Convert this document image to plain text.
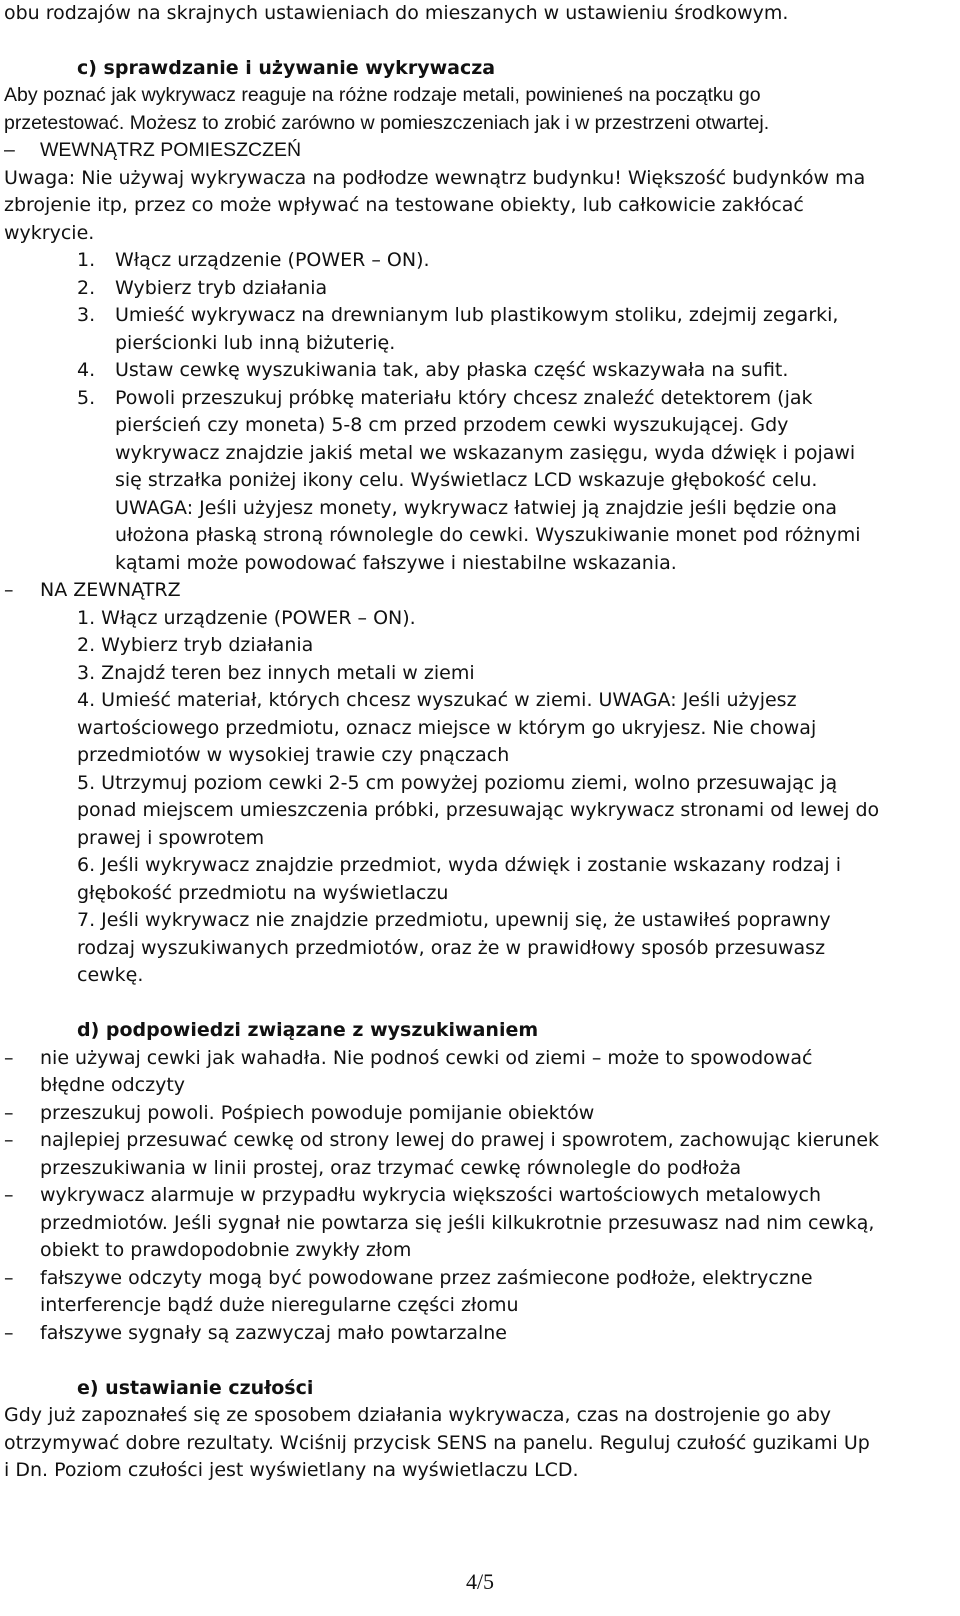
obu rodzajów na skrajnych ustawieniach do mieszanych w ustawieniu środkowym.
c) sprawdzanie i używanie wykrywacza
Aby poznać jak wykrywacz reaguje na różne rodzaje metali, powinieneś na początku go
przetestować. Możesz to zrobić zarówno w pomieszczeniach jak i w przestrzeni otwartej.
– WEWNĄTRZ POMIESZCZEŃ
Uwaga: Nie używaj wykrywacza na podłodze wewnątrz budynku! Większość budynków ma
zbrojenie itp, przez co może wpływać na testowane obiekty, lub całkowicie zakłócać
wykrycie.
1. Włącz urządzenie (POWER – ON).
2. Wybierz tryb działania
3. Umieść wykrywacz na drewnianym lub plastikowym stoliku, zdejmij zegarki,
pierścionki lub inną biżuterię.
4. Ustaw cewkę wyszukiwania tak, aby płaska część wskazywała na sufit.
5. Powoli przeszukuj próbkę materiału który chcesz znaleźć detektorem (jak
pierścień czy moneta) 5-8 cm przed przodem cewki wyszukującej. Gdy
wykrywacz znajdzie jakiś metal we wskazanym zasięgu, wyda dźwięk i pojawi
się strzałka poniżej ikony celu. Wyświetlacz LCD wskazuje głębokość celu.
UWAGA: Jeśli użyjesz monety, wykrywacz łatwiej ją znajdzie jeśli będzie ona
ułożona płaską stroną równolegle do cewki. Wyszukiwanie monet pod różnymi
kątami może powodować fałszywe i niestabilne wskazania.
– NA ZEWNĄTRZ
1. Włącz urządzenie (POWER – ON).
2. Wybierz tryb działania
3. Znajdź teren bez innych metali w ziemi
4. Umieść materiał, których chcesz wyszukać w ziemi. UWAGA: Jeśli użyjesz
wartościowego przedmiotu, oznacz miejsce w którym go ukryjesz. Nie chowaj
przedmiotów w wysokiej trawie czy pnączach
5. Utrzymuj poziom cewki 2-5 cm powyżej poziomu ziemi, wolno przesuwając ją
ponad miejscem umieszczenia próbki, przesuwając wykrywacz stronami od lewej do
prawej i spowrotem
6. Jeśli wykrywacz znajdzie przedmiot, wyda dźwięk i zostanie wskazany rodzaj i
głębokość przedmiotu na wyświetlaczu
7. Jeśli wykrywacz nie znajdzie przedmiotu, upewnij się, że ustawiłeś poprawny
rodzaj wyszukiwanych przedmiotów, oraz że w prawidłowy sposób przesuwasz
cewkę.
d) podpowiedzi związane z wyszukiwaniem
– nie używaj cewki jak wahadła. Nie podnoś cewki od ziemi – może to spowodować
błędne odczyty
– przeszukuj powoli. Pośpiech powoduje pomijanie obiektów
– najlepiej przesuwać cewkę od strony lewej do prawej i spowrotem, zachowując kierunek
przeszukiwania w linii prostej, oraz trzymać cewkę równolegle do podłoża
– wykrywacz alarmuje w przypadłu wykrycia większości wartościowych metalowych
przedmiotów. Jeśli sygnał nie powtarza się jeśli kilkukrotnie przesuwasz nad nim cewką,
obiekt to prawdopodobnie zwykły złom
– fałszywe odczyty mogą być powodowane przez zaśmiecone podłoże, elektryczne
interferencje bądź duże nieregularne części złomu
– fałszywe sygnały są zazwyczaj mało powtarzalne
e) ustawianie czułości
Gdy już zapoznałeś się ze sposobem działania wykrywacza, czas na dostrojenie go aby
otrzymywać dobre rezultaty. Wciśnij przycisk SENS na panelu. Reguluj czułość guzikami Up
i Dn. Poziom czułości jest wyświetlany na wyświetlaczu LCD.
4/5
